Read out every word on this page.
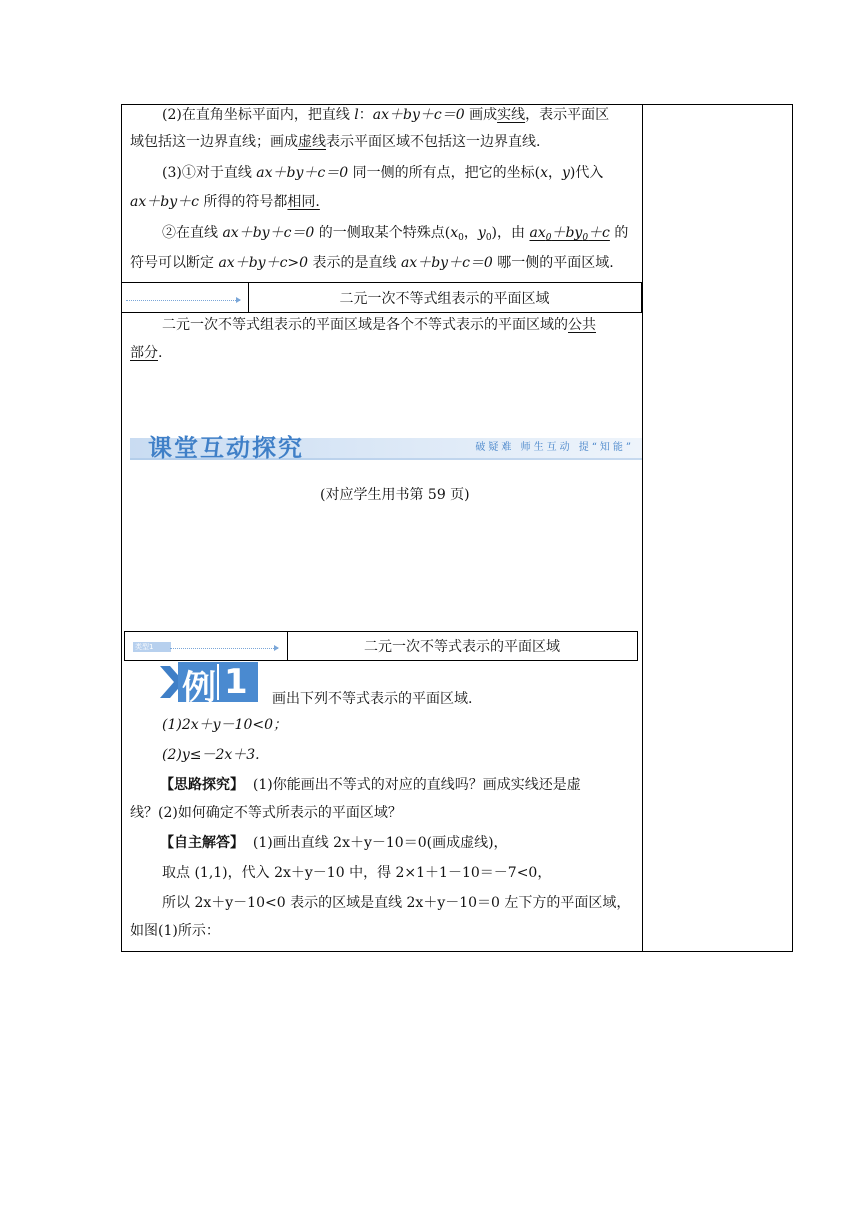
(2)在直角坐标平面内，把直线 l：ax＋by＋c＝0 画成实线，表示平面区
域包括这一边界直线；画成虚线表示平面区域不包括这一边界直线.
(3)①对于直线 ax＋by＋c＝0 同一侧的所有点，把它的坐标(x，y)代入
ax＋by＋c 所得的符号都相同.
②在直线 ax＋by＋c＝0 的一侧取某个特殊点($x_0$，$y_0$)，由 $ax_0+by_0+c$ 的
符号可以断定 ax＋by＋c>0 表示的是直线 ax＋by＋c＝0 哪一侧的平面区域.
二元一次不等式组表示的平面区域
二元一次不等式组表示的平面区域是各个不等式表示的平面区域的公共
部分.
课堂互动探究	破疑难 师生互动 提“知能”
(对应学生用书第 59 页)
二元一次不等式表示的平面区域
类型1
例 1 画出下列不等式表示的平面区域.
(1)2x＋y－10<0；
(2)y≤－2x＋3.
【思路探究】 (1)你能画出不等式的对应的直线吗？画成实线还是虚
线？(2)如何确定不等式所表示的平面区域？
【自主解答】 (1)画出直线 2x＋y－10＝0(画成虚线)，
取点 (1,1)，代入 2x＋y－10 中，得 2×1＋1－10＝－7<0，
所以 2x＋y－10<0 表示的区域是直线 2x＋y－10＝0 左下方的平面区域，
如图(1)所示：
